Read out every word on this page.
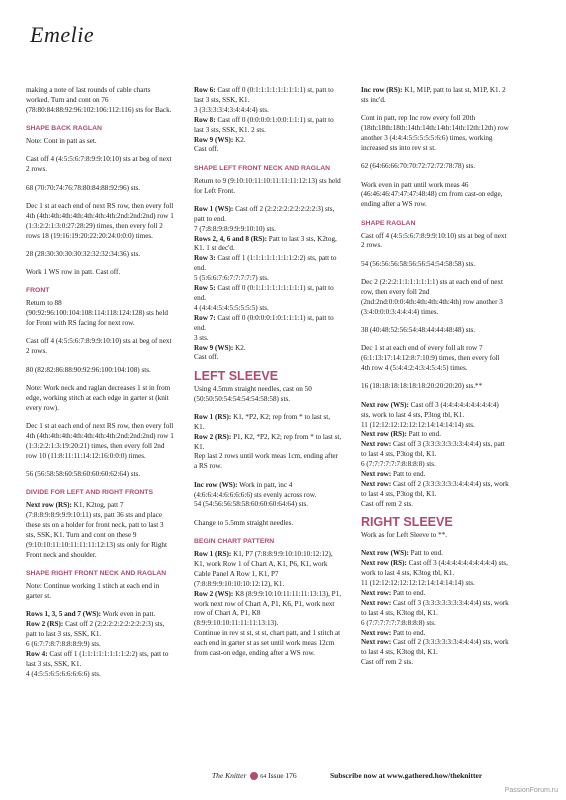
Emelie

making a note of last rounds of cable charts worked. Turn and cont on 76 (78:80:84:88:92:96:102:106:112:116) sts for Back.

SHAPE BACK RAGLAN

Note: Cont in patt as set.

Cast off 4 (4:5:5:6:7:8:9:9:10:10) sts at beg of next 2 rows.

68 (70:70:74:76:78:80:84:88:92:96) sts.

Dec 1 st at each end of next RS row, then every foll 4th (4th:4th:4th:4th:4th:4th:4th:2nd:2nd:2nd) row 1 (1:3:2:2:1:3:0:27:28:29) times, then every foll 2 rows 18 (19:16:19:20:22:20:24:0:0:0) times.

28 (28:30:30:30:30:32:32:32:34:36) sts.

Work 1 WS row in patt. Cast off.

FRONT

Return to 88 (90:92:96:100:104:108:114:118:124:128) sts held for Front with RS facing for next row.

Cast off 4 (4:5:5:6:7:8:9:9:10:10) sts at beg of next 2 rows.

80 (82:82:86:88:90:92:96:100:104:108) sts.

Note: Work neck and raglan decreases 1 st in from edge, working stitch at each edge in garter st (knit every row).

Dec 1 st at each end of next RS row, then every foll 4th (4th:4th:4th:4th:4th:4th:4th:2nd:2nd:2nd) row 1 (1:3:2:2:1:3:19:20:21) times, then every foll 2nd row 10 (11:8:11:11:14:12:16:0:0:0) times.

56 (56:58:58:60:58:60:60:60:62:64) sts.

DIVIDE FOR LEFT AND RIGHT FRONTS

Next row (RS): K1, K2tog, patt 7 (7:8:8:9:8:9:9:9:10:11) sts, patt 36 sts and place these sts on a holder for front neck, patt to last 3 sts, SSK, K1. Turn and cont on these 9 (9:10:10:11:10:11:11:11:12:13) sts only for Right Front neck and shoulder.

SHAPE RIGHT FRONT NECK AND RAGLAN

Note: Continue working 1 stitch at each end in garter st.

Rows 1, 3, 5 and 7 (WS): Work even in patt.

Row 2 (RS): Cast off 2 (2:2:2:2:2:2:2:2:2:3) sts, patt to last 3 sts, SSK, K1.

6 (6:7:7:8:7:8:8:8:9:9) sts.

Row 4: Cast off 1 (1:1:1:1:1:1:1:1:2:2) sts, patt to last 3 sts, SSK, K1.

4 (4:5:5:6:5:6:6:6:6:6) sts.

Row 6: Cast off 0 (0:1:1:1:1:1:1:1:1:1) st, patt to last 3 sts, SSK, K1.

3 (3:3:3:3:4:3:4:4:4:4) sts.

Row 8: Cast off 0 (0:0:0:0:1:0:0:1:1:1) st, patt to last 3 sts, SSK, K1. 2 sts.

Row 9 (WS): K2.

Cast off.

SHAPE LEFT FRONT NECK AND RAGLAN

Return to 9 (9:10:10:11:10:11:11:11:12:13) sts held for Left Front.

Row 1 (WS): Cast off 2 (2:2:2:2:2:2:2:2:2:3) sts, patt to end.

7 (7:8:8:9:8:9:9:9:10:10) sts.

Rows 2, 4, 6 and 8 (RS): Patt to last 3 sts, K2tog, K1. 1 st dec'd.

Row 3: Cast off 1 (1:1:1:1:1:1:1:1:2:2) sts, patt to end.

5 (5:6:6:7:6:7:7:7:7:7) sts.

Row 5: Cast off 0 (0:1:1:1:1:1:1:1:1:1) st, patt to end.

4 (4:4:4:5:4:5:5:5:5:5) sts.

Row 7: Cast off 0 (0:0:0:0:1:0:1:1:1:1) st, patt to end.

3 sts.

Row 9 (WS): K2.

Cast off.

LEFT SLEEVE

Using 4.5mm straight needles, cast on 50 (50:50:50:54:54:54:54:58:58) sts.

Row 1 (RS): K1, *P2, K2; rep from * to last st, K1.

Row 2 (RS): P1, K2, *P2, K2; rep from * to last st, K1.

Rep last 2 rows until work meas 1cm, ending after a RS row.

Inc row (WS): Work in patt, inc 4 (4:6:6:4:4:6:6:6:6:6) sts evenly across row.

54 (54:56:56:58:58:60:60:60:64:64) sts.

Change to 5.5mm straight needles.

BEGIN CHART PATTERN

Row 1 (RS): K1, P7 (7:8:8:9:9:10:10:10:12:12), K1, work Row 1 of Chart A, K1, P6, K1, work Cable Panel A Row 1, K1, P7 (7:8:8:9:9:10:10:10:12:12), K1.

Row 2 (WS): K8 (8:9:9:10:10:11:11:11:13:13), P1, work next row of Chart A, P1, K6, P1, work next row of Chart A, P1, K8 (8:9:9:10:10:11:11:11:13:13).

Continue in rev st st, st st, chart patt, and 1 stitch at each end in garter st as set until work meas 12cm from cast-on edge, ending after a WS row.

Inc row (RS): K1, M1P, patt to last st, M1P, K1. 2 sts inc'd.

Cont in patt, rep Inc row every foll 20th (18th:18th:18th:14th:14th:14th:14th:12th:12th) row another 3 (4:4:4:5:5:5:5:5:6:6) times, working increased sts into rev st st.

62 (64:66:66:70:70:72:72:72:78:78) sts.

Work even in patt until work meas 46 (46:46:46:47:47:47:48:48) cm from cast-on edge, ending after a WS row.

SHAPE RAGLAN

Cast off 4 (4:5:5:6:7:8:9:9:10:10) sts at beg of next 2 rows.

54 (56:56:56:58:56:56:54:54:58:58) sts.

Dec 2 (2:2:2:1:1:1:1:1:1:1) sts at each end of next row, then every foll 2nd (2nd:2nd:0:0:0:4th:4th:4th:4th:4th) row another 3 (3:4:0:0:0:3:4:4:4:4) times.

38 (40:48:52:56:54:48:44:44:48:48) sts.

Dec 1 st at each end of every foll alt row 7 (6:1:13:17:14:12:8:7:10:9) times, then every foll 4th row 4 (5:4:4:2:4:3:4:5:4:5) times.

16 (18:18:18:18:18:18:20:20:20:20) sts.**

Next row (WS): Cast off 3 (4:4:4:4:4:4:4:4:4:4) sts, work to last 4 sts, P3tog tbl, K1.

11 (12:12:12:12:12:12:14:14:14:14) sts.

Next row (RS): Patt to end.

Next row: Cast off 3 (3:3:3:3:3:3:3:4:4:4) sts, patt to last 4 sts, P3tog tbl, K1.

6 (7:7:7:7:7:7:8:8:8:8) sts.

Next row: Patt to end.

Next row: Cast off 2 (3:3:3:3:3:3:4:4:4:4) sts, work to last 4 sts, P3tog tbl, K1.

Cast off rem 2 sts.

RIGHT SLEEVE

Work as for Left Sleeve to **.

Next row (WS): Patt to end.

Next row (RS): Cast off 3 (4:4:4:4:4:4:4:4:4:4) sts, work to last 4 sts, K3tog tbl, K1.

11 (12:12:12:12:12:12:14:14:14:14) sts.

Next row: Patt to end.

Next row: Cast off 3 (3:3:3:3:3:3:3:4:4:4) sts, work to last 4 sts, K3tog tbl, K1.

6 (7:7:7:7:7:7:8:8:8:8) sts.

Next row: Patt to end.

Next row: Cast off 2 (3:3:3:3:3:3:4:4:4:4) sts, work to last 4 sts, K3tog tbl, K1.

Cast off rem 2 sts.

The Knitter 64 Issue 176	Subscribe now at www.gathered.how/theknitter
PassionForum.ru
